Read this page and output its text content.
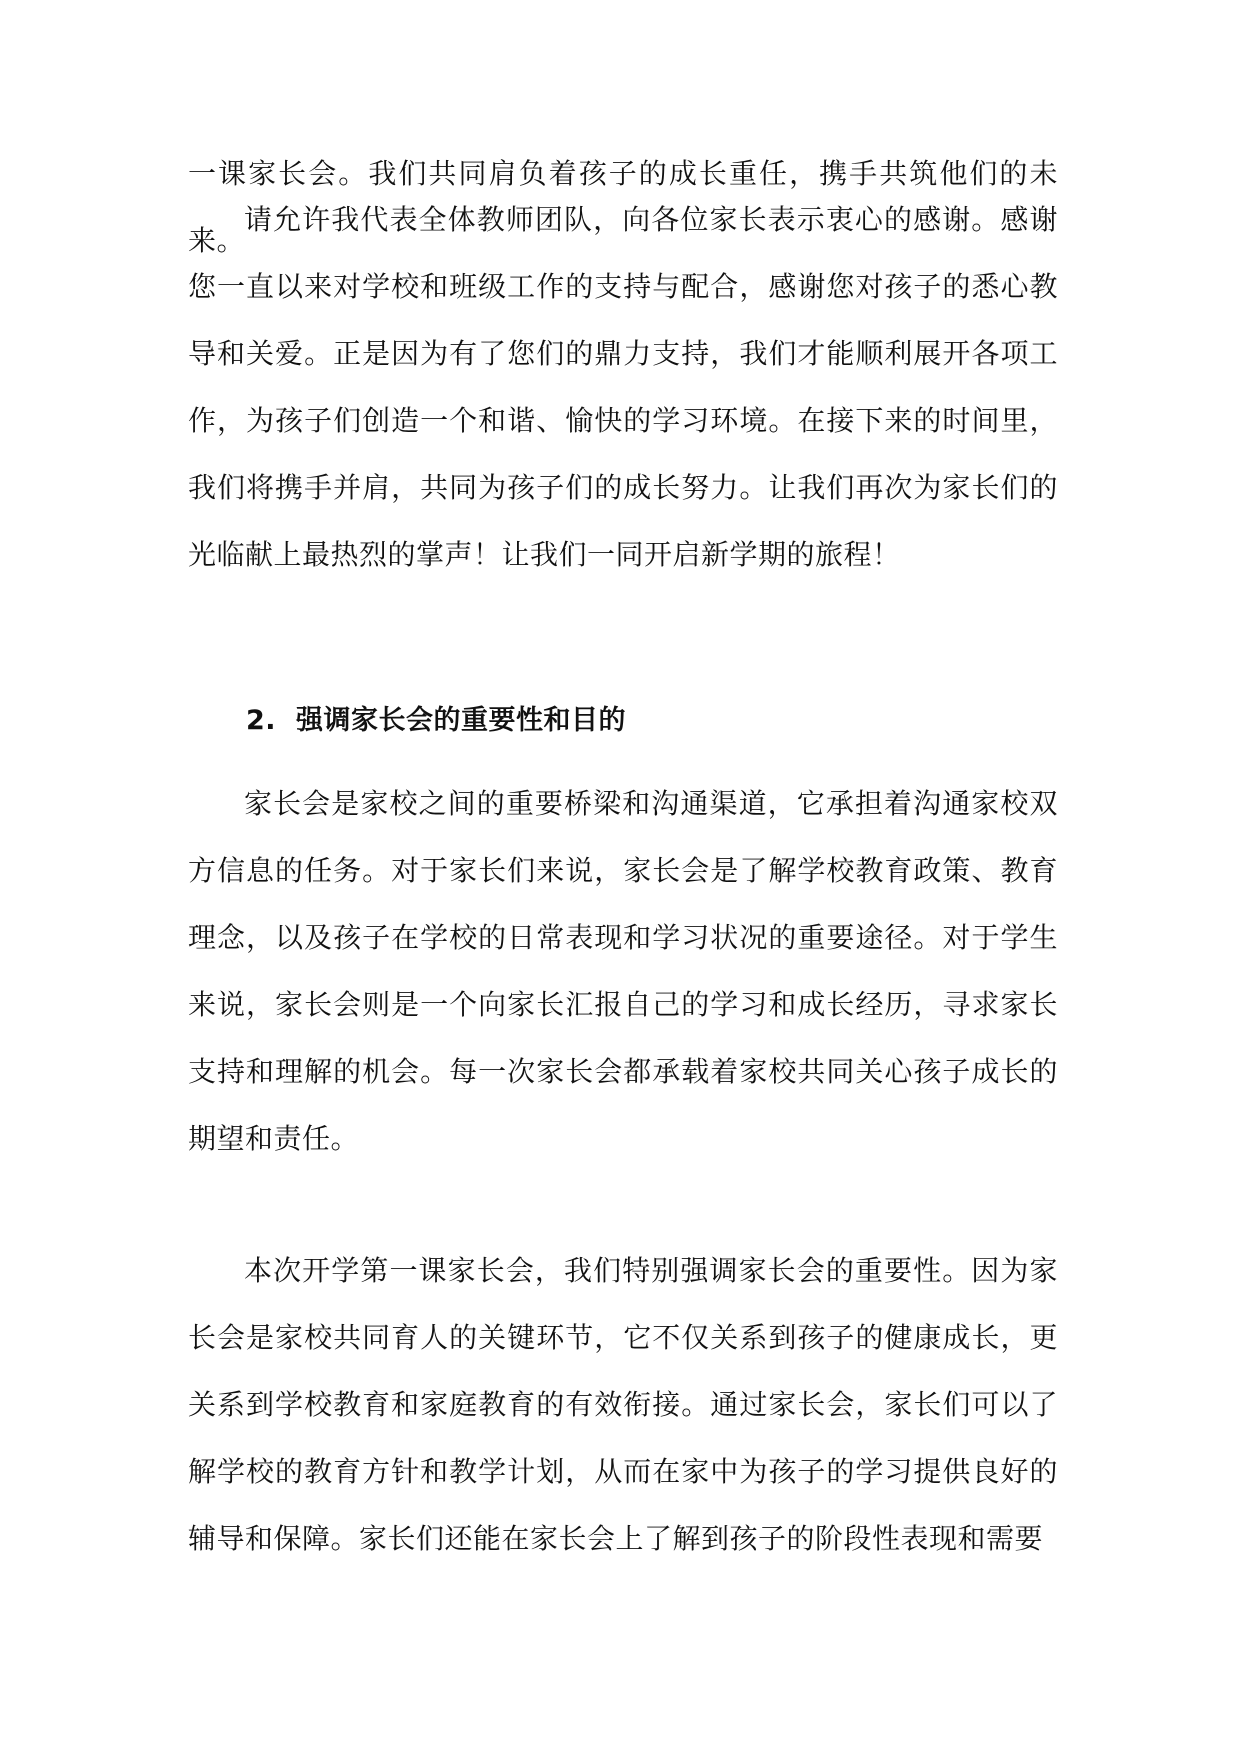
一课家长会。我们共同肩负着孩子的成长重任，携手共筑他们的未来。

请允许我代表全体教师团队，向各位家长表示衷心的感谢。感谢您一直以来对学校和班级工作的支持与配合，感谢您对孩子的悉心教导和关爱。正是因为有了您们的鼎力支持，我们才能顺利展开各项工作，为孩子们创造一个和谐、愉快的学习环境。在接下来的时间里，我们将携手并肩，共同为孩子们的成长努力。让我们再次为家长们的光临献上最热烈的掌声！让我们一同开启新学期的旅程！

2. 强调家长会的重要性和目的

家长会是家校之间的重要桥梁和沟通渠道，它承担着沟通家校双方信息的任务。对于家长们来说，家长会是了解学校教育政策、教育理念，以及孩子在学校的日常表现和学习状况的重要途径。对于学生来说，家长会则是一个向家长汇报自己的学习和成长经历，寻求家长支持和理解的机会。每一次家长会都承载着家校共同关心孩子成长的期望和责任。

本次开学第一课家长会，我们特别强调家长会的重要性。因为家长会是家校共同育人的关键环节，它不仅关系到孩子的健康成长，更关系到学校教育和家庭教育的有效衔接。通过家长会，家长们可以了解学校的教育方针和教学计划，从而在家中为孩子的学习提供良好的辅导和保障。家长们还能在家长会上了解到孩子的阶段性表现和需要
